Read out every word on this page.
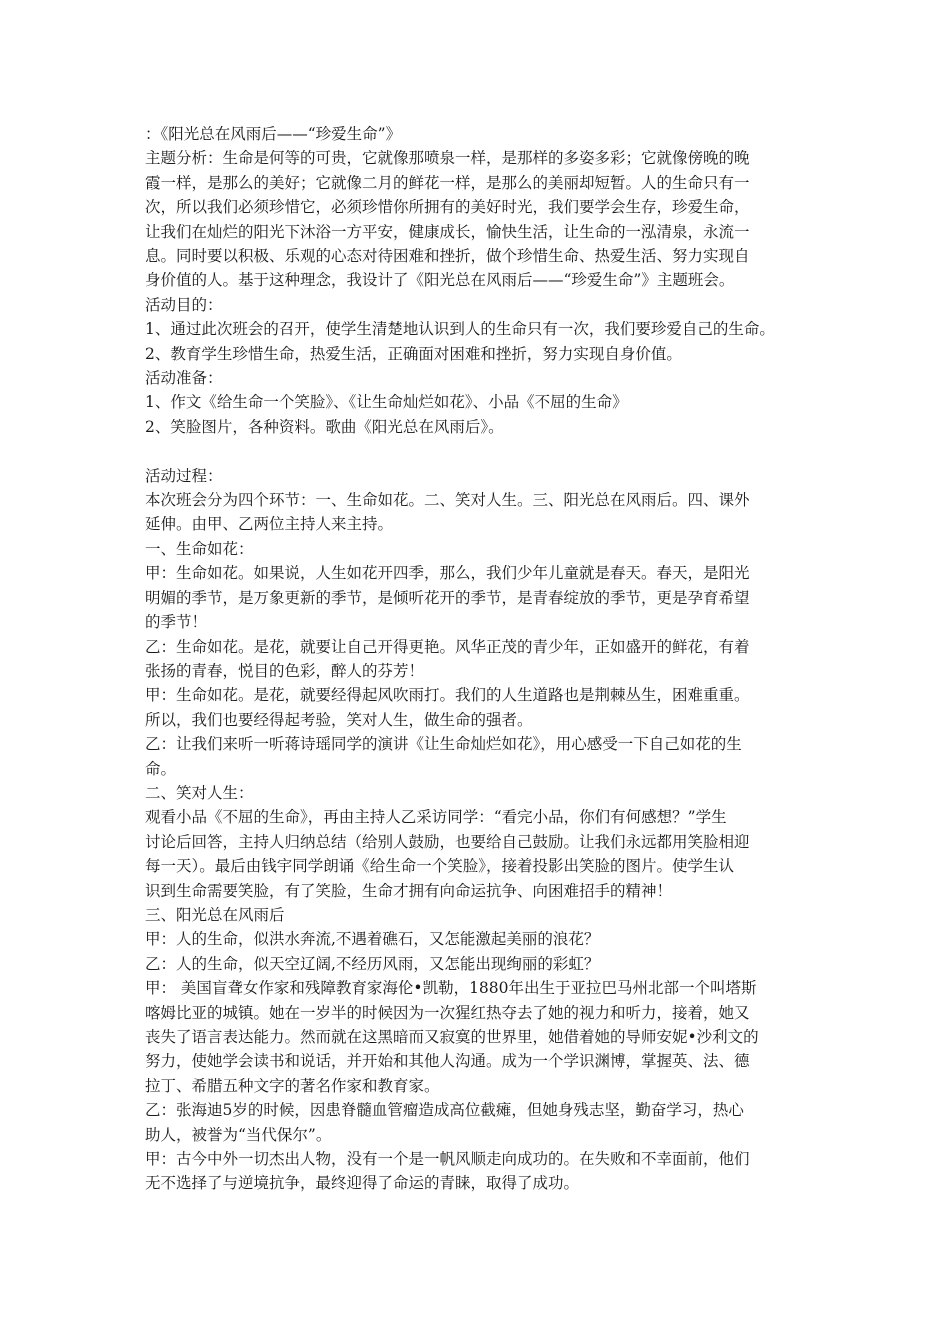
：《阳光总在风雨后——“珍爱生命”》
主题分析：生命是何等的可贵，它就像那喷泉一样，是那样的多姿多彩；它就像傍晚的晚
霞一样，是那么的美好；它就像二月的鲜花一样，是那么的美丽却短暂。人的生命只有一
次，所以我们必须珍惜它，必须珍惜你所拥有的美好时光，我们要学会生存，珍爱生命，
让我们在灿烂的阳光下沐浴一方平安，健康成长，愉快生活，让生命的一泓清泉，永流一
息。同时要以积极、乐观的心态对待困难和挫折，做个珍惜生命、热爱生活、努力实现自
身价值的人。基于这种理念，我设计了《阳光总在风雨后——“珍爱生命”》主题班会。
活动目的：
1、通过此次班会的召开，使学生清楚地认识到人的生命只有一次，我们要珍爱自己的生命。
2、教育学生珍惜生命，热爱生活，正确面对困难和挫折，努力实现自身价值。
活动准备：
1、作文《给生命一个笑脸》、《让生命灿烂如花》、小品《不屈的生命》
2、笑脸图片，各种资料。歌曲《阳光总在风雨后》。
活动过程：
本次班会分为四个环节：一、生命如花。二、笑对人生。三、阳光总在风雨后。四、课外
延伸。由甲、乙两位主持人来主持。
一、生命如花：
甲：生命如花。如果说，人生如花开四季，那么，我们少年儿童就是春天。春天，是阳光
明媚的季节，是万象更新的季节，是倾听花开的季节，是青春绽放的季节，更是孕育希望
的季节！
乙：生命如花。是花，就要让自己开得更艳。风华正茂的青少年，正如盛开的鲜花，有着
张扬的青春，悦目的色彩，醉人的芬芳！
甲：生命如花。是花，就要经得起风吹雨打。我们的人生道路也是荆棘丛生，困难重重。
所以，我们也要经得起考验，笑对人生，做生命的强者。
乙：让我们来听一听蒋诗瑶同学的演讲《让生命灿烂如花》，用心感受一下自己如花的生
命。
二、笑对人生：
观看小品《不屈的生命》，再由主持人乙采访同学：“看完小品，你们有何感想？”学生
讨论后回答，主持人归纳总结（给别人鼓励，也要给自己鼓励。让我们永远都用笑脸相迎
每一天）。最后由钱宇同学朗诵《给生命一个笑脸》，接着投影出笑脸的图片。使学生认
识到生命需要笑脸，有了笑脸，生命才拥有向命运抗争、向困难招手的精神！
三、阳光总在风雨后
甲：人的生命，似洪水奔流,不遇着礁石，又怎能激起美丽的浪花？
乙：人的生命，似天空辽阔,不经历风雨，又怎能出现绚丽的彩虹？
甲： 美国盲聋女作家和残障教育家海伦•凯勒，1880年出生于亚拉巴马州北部一个叫塔斯
喀姆比亚的城镇。她在一岁半的时候因为一次猩红热夺去了她的视力和听力，接着，她又
丧失了语言表达能力。然而就在这黑暗而又寂寞的世界里，她借着她的导师安妮•沙利文的
努力，使她学会读书和说话，并开始和其他人沟通。成为一个学识渊博，掌握英、法、德
拉丁、希腊五种文字的著名作家和教育家。
乙：张海迪5岁的时候，因患脊髓血管瘤造成高位截瘫，但她身残志坚，勤奋学习，热心
助人，被誉为“当代保尔”。
甲：古今中外一切杰出人物，没有一个是一帆风顺走向成功的。在失败和不幸面前，他们
无不选择了与逆境抗争，最终迎得了命运的青睐，取得了成功。
